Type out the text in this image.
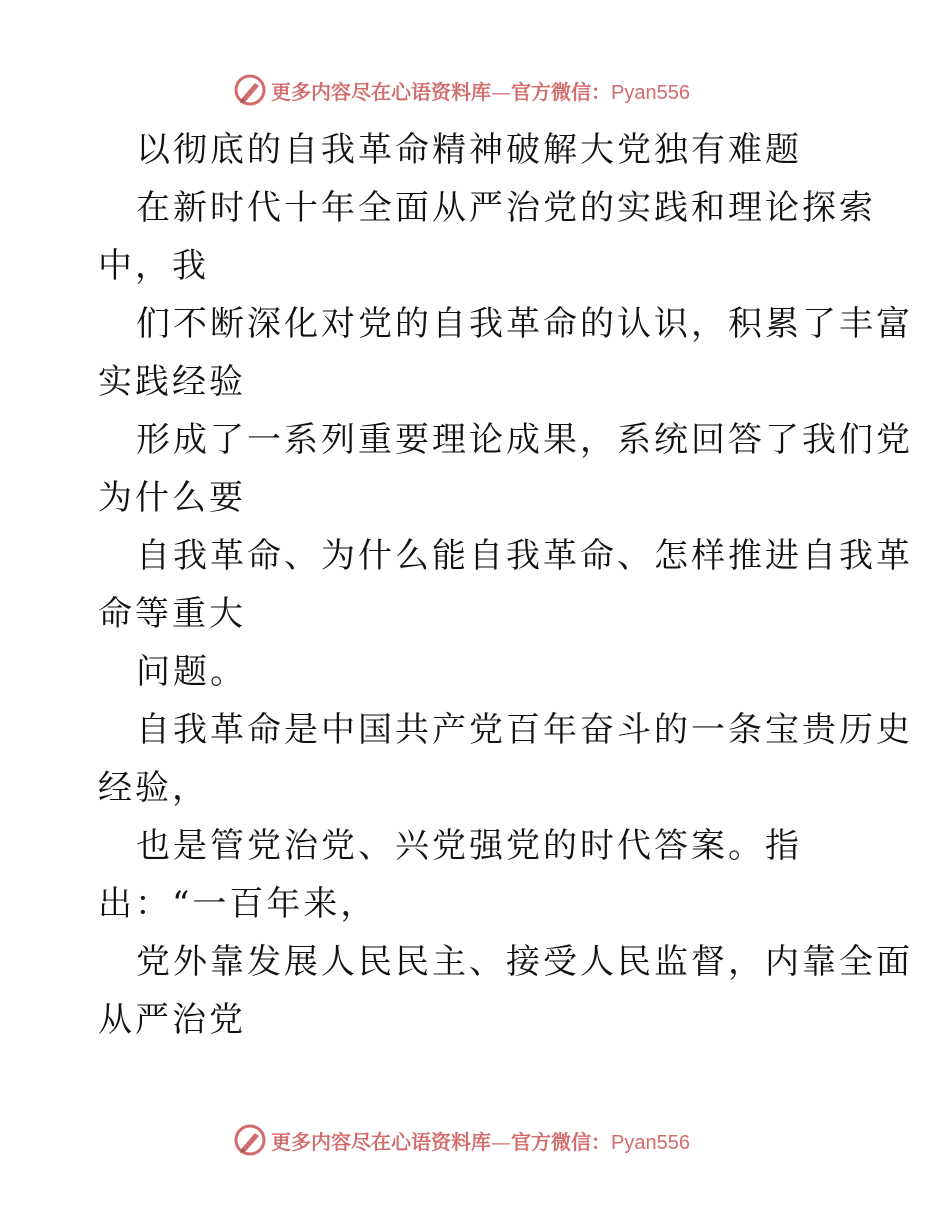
更多内容尽在心语资料库—官方微信：Pyan556
以彻底的自我革命精神破解大党独有难题
在新时代十年全面从严治党的实践和理论探索
中，我
们不断深化对党的自我革命的认识，积累了丰富
实践经验
形成了一系列重要理论成果，系统回答了我们党
为什么要
自我革命、为什么能自我革命、怎样推进自我革
命等重大
问题。
自我革命是中国共产党百年奋斗的一条宝贵历史
经验，
也是管党治党、兴党强党的时代答案。指
出：“一百年来，
党外靠发展人民民主、接受人民监督，内靠全面
从严治党
更多内容尽在心语资料库—官方微信：Pyan556
